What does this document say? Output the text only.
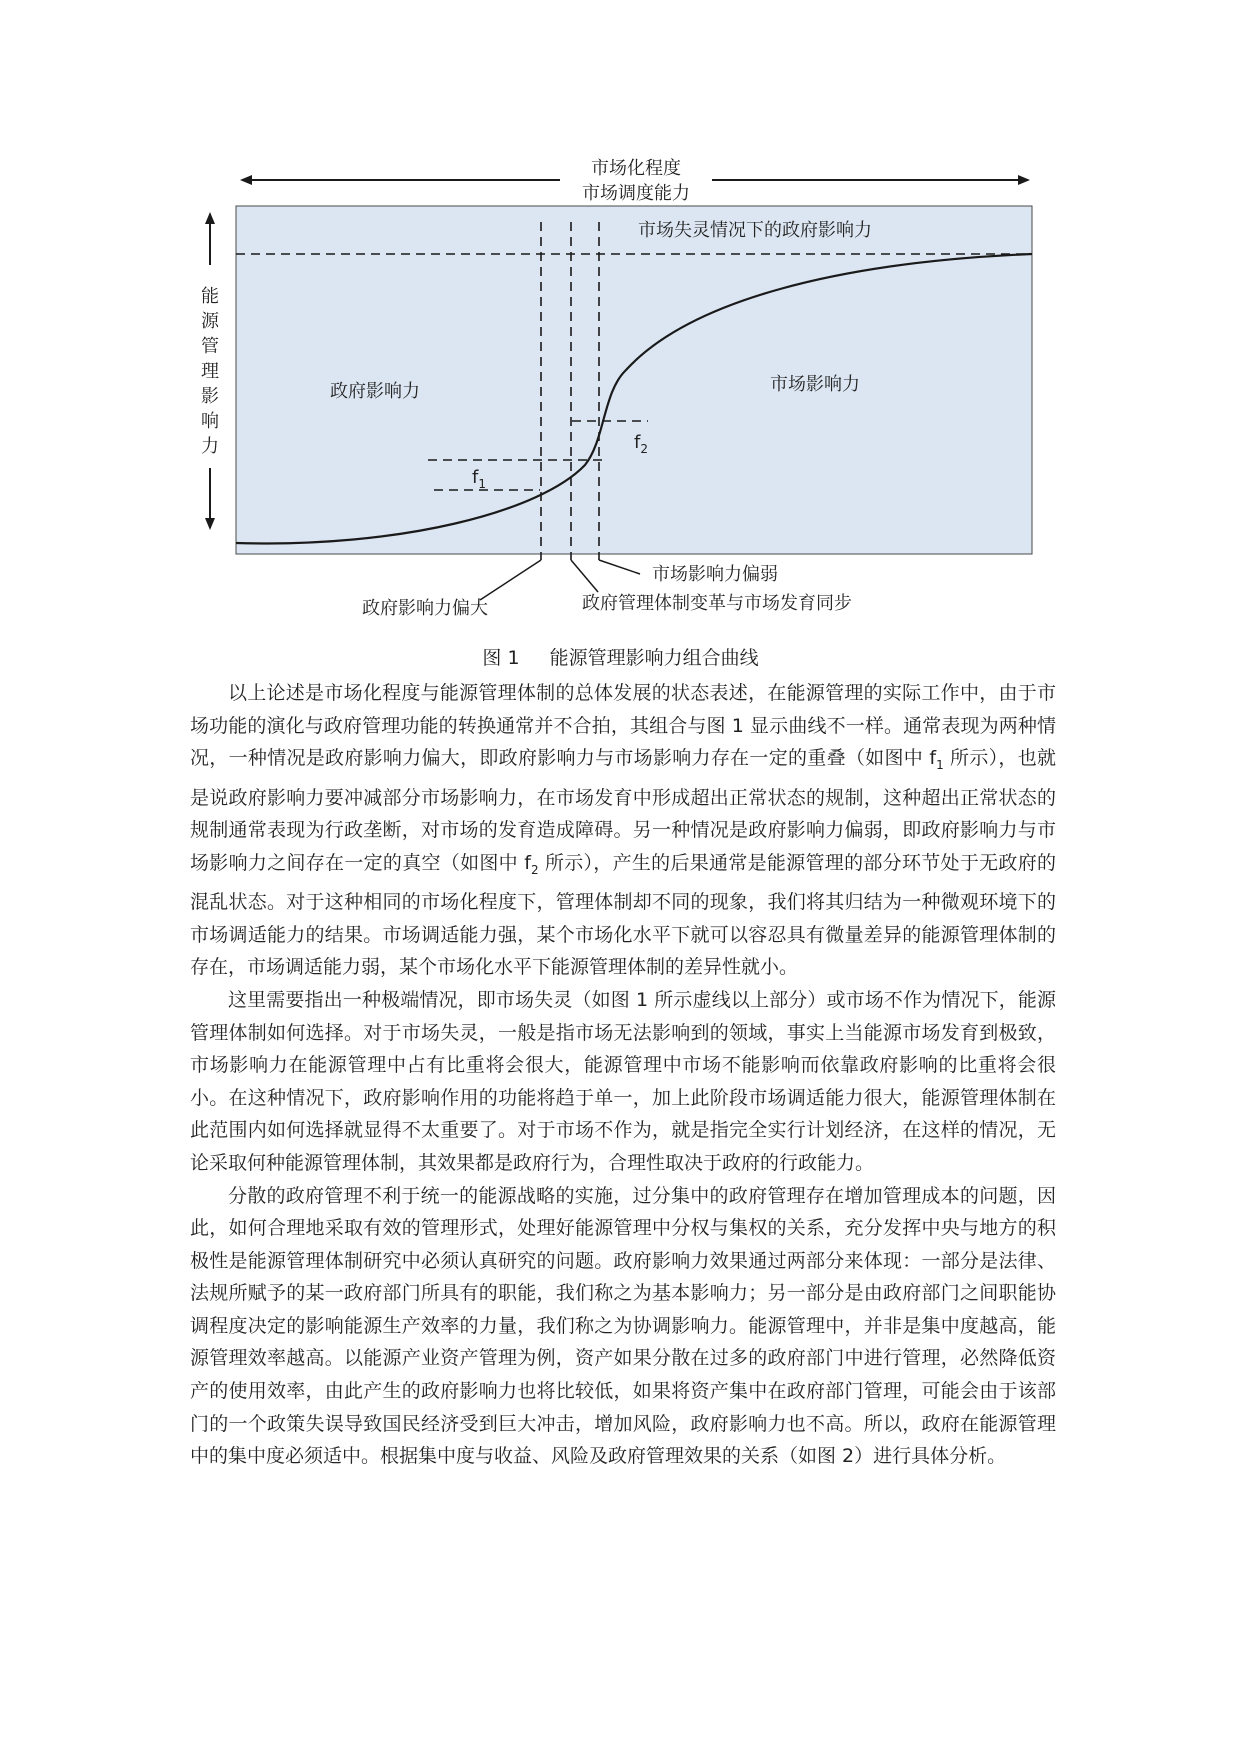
市场化程度
市场调度能力
能
源
管
理
影
响
力
市场失灵情况下的政府影响力
政府影响力	市场影响力
$f_1$
$f_2$
市场影响力偏弱
政府管理体制变革与市场发育同步
政府影响力偏大
图 1 能源管理影响力组合曲线

以上论述是市场化程度与能源管理体制的总体发展的状态表述，在能源管理的实际工作中，由于市场功能的演化与政府管理功能的转换通常并不合拍，其组合与图 1 显示曲线不一样。通常表现为两种情况，一种情况是政府影响力偏大，即政府影响力与市场影响力存在一定的重叠（如图中 $f_1$ 所示），也就是说政府影响力要冲减部分市场影响力，在市场发育中形成超出正常状态的规制，这种超出正常状态的规制通常表现为行政垄断，对市场的发育造成障碍。另一种情况是政府影响力偏弱，即政府影响力与市场影响力之间存在一定的真空（如图中 $f_2$ 所示），产生的后果通常是能源管理的部分环节处于无政府的混乱状态。对于这种相同的市场化程度下，管理体制却不同的现象，我们将其归结为一种微观环境下的市场调适能力的结果。市场调适能力强，某个市场化水平下就可以容忍具有微量差异的能源管理体制的存在，市场调适能力弱，某个市场化水平下能源管理体制的差异性就小。

这里需要指出一种极端情况，即市场失灵（如图 1 所示虚线以上部分）或市场不作为情况下，能源管理体制如何选择。对于市场失灵，一般是指市场无法影响到的领域，事实上当能源市场发育到极致，市场影响力在能源管理中占有比重将会很大，能源管理中市场不能影响而依靠政府影响的比重将会很小。在这种情况下，政府影响作用的功能将趋于单一，加上此阶段市场调适能力很大，能源管理体制在此范围内如何选择就显得不太重要了。对于市场不作为，就是指完全实行计划经济，在这样的情况，无论采取何种能源管理体制，其效果都是政府行为，合理性取决于政府的行政能力。

分散的政府管理不利于统一的能源战略的实施，过分集中的政府管理存在增加管理成本的问题，因此，如何合理地采取有效的管理形式，处理好能源管理中分权与集权的关系，充分发挥中央与地方的积极性是能源管理体制研究中必须认真研究的问题。政府影响力效果通过两部分来体现：一部分是法律、法规所赋予的某一政府部门所具有的职能，我们称之为基本影响力；另一部分是由政府部门之间职能协调程度决定的影响能源生产效率的力量，我们称之为协调影响力。能源管理中，并非是集中度越高，能源管理效率越高。以能源产业资产管理为例，资产如果分散在过多的政府部门中进行管理，必然降低资产的使用效率，由此产生的政府影响力也将比较低，如果将资产集中在政府部门管理，可能会由于该部门的一个政策失误导致国民经济受到巨大冲击，增加风险，政府影响力也不高。所以，政府在能源管理中的集中度必须适中。根据集中度与收益、风险及政府管理效果的关系（如图 2）进行具体分析。
